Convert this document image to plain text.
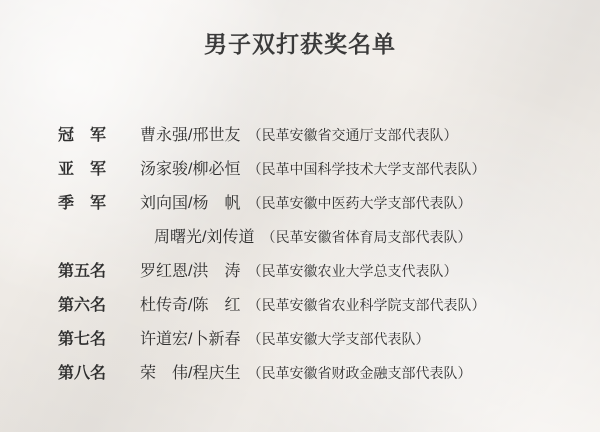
男子双打获奖名单
冠　军	曹永强/邢世友 （民革安徽省交通厅支部代表队）
亚　军	汤家骏/柳必恒 （民革中国科学技术大学支部代表队）
季　军	刘向国/杨　帆 （民革安徽中医药大学支部代表队）
周曙光/刘传道 （民革安徽省体育局支部代表队）
第五名	罗红恩/洪　涛 （民革安徽农业大学总支代表队）
第六名	杜传奇/陈　红 （民革安徽省农业科学院支部代表队）
第七名	许道宏/卜新春 （民革安徽大学支部代表队）
第八名	荣　伟/程庆生 （民革安徽省财政金融支部代表队）
